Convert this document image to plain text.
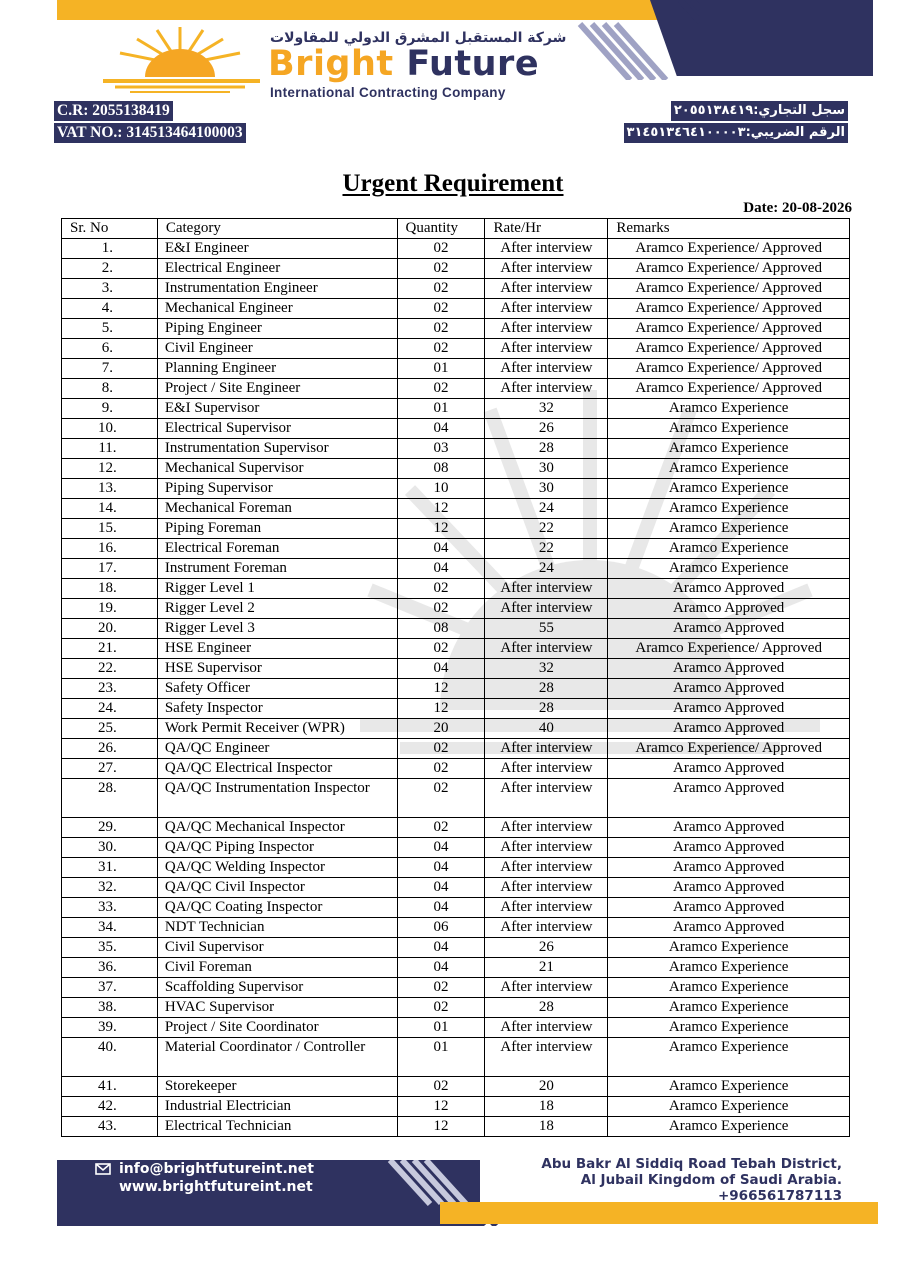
شركة المستقبل المشرق الدولي للمقاولات
Bright Future
International Contracting Company
C.R: 2055138419
VAT NO.: 314513464100003
سجل التجاري:٢٠٥٥١٣٨٤١٩
الرقم الضريبي:٣١٤٥١٣٤٦٤١٠٠٠٠٣
Urgent Requirement
Date: 20-08-2026
Sr. No	Category	Quantity	Rate/Hr	Remarks
1.	E&I Engineer	02	After interview	Aramco Experience/ Approved
2.	Electrical Engineer	02	After interview	Aramco Experience/ Approved
3.	Instrumentation Engineer	02	After interview	Aramco Experience/ Approved
4.	Mechanical Engineer	02	After interview	Aramco Experience/ Approved
5.	Piping Engineer	02	After interview	Aramco Experience/ Approved
6.	Civil Engineer	02	After interview	Aramco Experience/ Approved
7.	Planning Engineer	01	After interview	Aramco Experience/ Approved
8.	Project / Site Engineer	02	After interview	Aramco Experience/ Approved
9.	E&I Supervisor	01	32	Aramco Experience
10.	Electrical Supervisor	04	26	Aramco Experience
11.	Instrumentation Supervisor	03	28	Aramco Experience
12.	Mechanical Supervisor	08	30	Aramco Experience
13.	Piping Supervisor	10	30	Aramco Experience
14.	Mechanical Foreman	12	24	Aramco Experience
15.	Piping Foreman	12	22	Aramco Experience
16.	Electrical Foreman	04	22	Aramco Experience
17.	Instrument Foreman	04	24	Aramco Experience
18.	Rigger Level 1	02	After interview	Aramco Approved
19.	Rigger Level 2	02	After interview	Aramco Approved
20.	Rigger Level 3	08	55	Aramco Approved
21.	HSE Engineer	02	After interview	Aramco Experience/ Approved
22.	HSE Supervisor	04	32	Aramco Approved
23.	Safety Officer	12	28	Aramco Approved
24.	Safety Inspector	12	28	Aramco Approved
25.	Work Permit Receiver (WPR)	20	40	Aramco Approved
26.	QA/QC Engineer	02	After interview	Aramco Experience/ Approved
27.	QA/QC Electrical Inspector	02	After interview	Aramco Approved
28.	QA/QC Instrumentation Inspector	02	After interview	Aramco Approved
29.	QA/QC Mechanical Inspector	02	After interview	Aramco Approved
30.	QA/QC Piping Inspector	04	After interview	Aramco Approved
31.	QA/QC Welding Inspector	04	After interview	Aramco Approved
32.	QA/QC Civil Inspector	04	After interview	Aramco Approved
33.	QA/QC Coating Inspector	04	After interview	Aramco Approved
34.	NDT Technician	06	After interview	Aramco Approved
35.	Civil Supervisor	04	26	Aramco Experience
36.	Civil Foreman	04	21	Aramco Experience
37.	Scaffolding Supervisor	02	After interview	Aramco Experience
38.	HVAC Supervisor	02	28	Aramco Experience
39.	Project / Site Coordinator	01	After interview	Aramco Experience
40.	Material Coordinator / Controller	01	After interview	Aramco Experience
41.	Storekeeper	02	20	Aramco Experience
42.	Industrial Electrician	12	18	Aramco Experience
43.	Electrical Technician	12	18	Aramco Experience
info@brightfutureint.net
www.brightfutureint.net
Abu Bakr Al Siddiq Road Tebah District,
Al Jubail Kingdom of Saudi Arabia.
+966561787113
